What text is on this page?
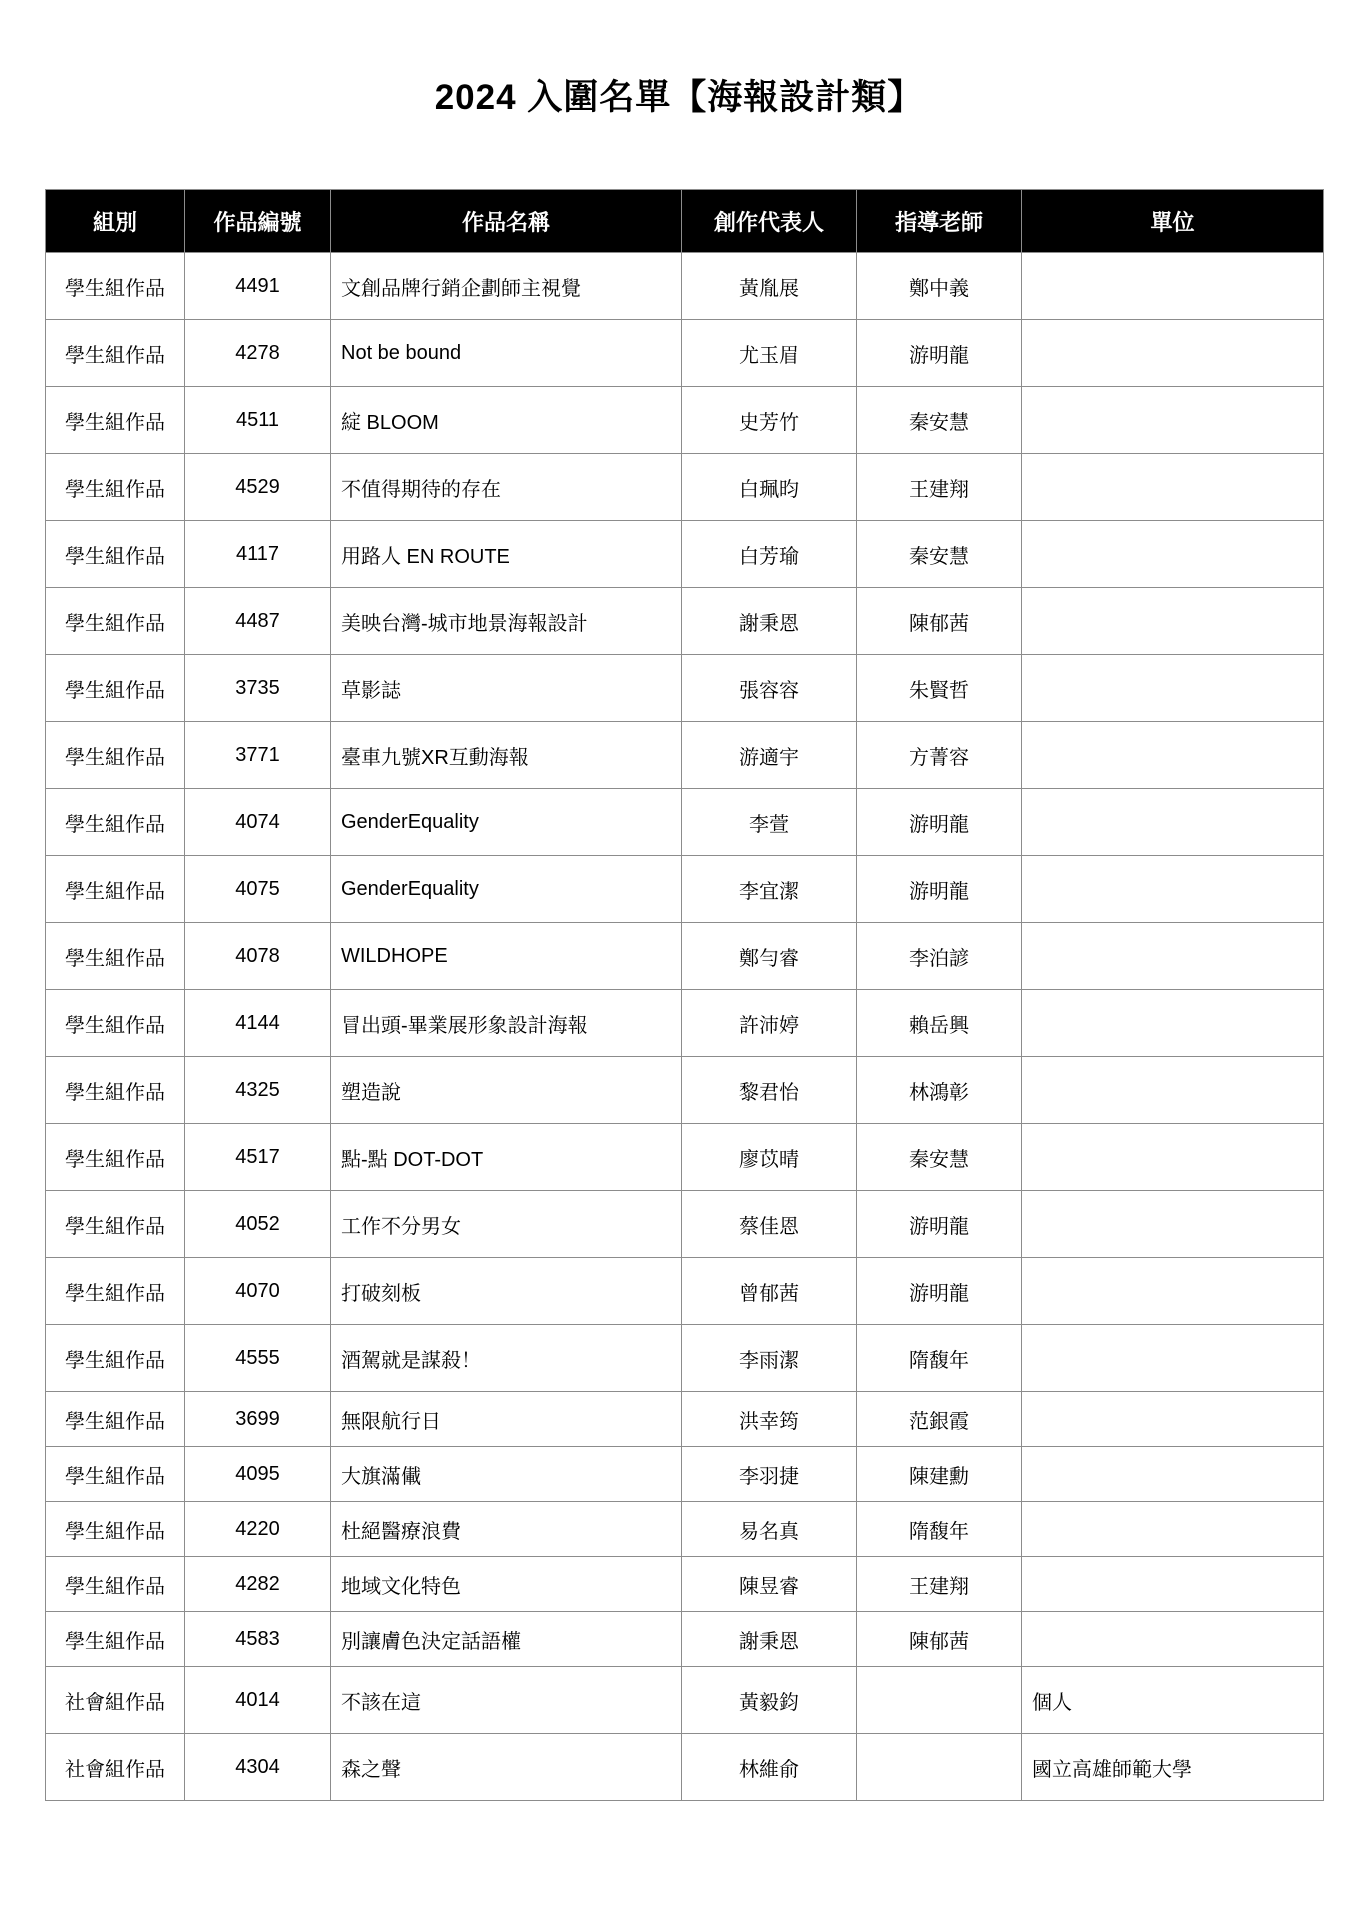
2024 入圍名單【海報設計類】
組別	作品編號	作品名稱	創作代表人	指導老師	單位
學生組作品	4491	文創品牌行銷企劃師主視覺	黃胤展	鄭中義	
學生組作品	4278	Not be bound	尤玉眉	游明龍	
學生組作品	4511	綻 BLOOM	史芳竹	秦安慧	
學生組作品	4529	不值得期待的存在	白珮昀	王建翔	
學生組作品	4117	用路人 EN ROUTE	白芳瑜	秦安慧	
學生組作品	4487	美映台灣-城市地景海報設計	謝秉恩	陳郁茜	
學生組作品	3735	草影誌	張容容	朱賢哲	
學生組作品	3771	臺車九號XR互動海報	游適宇	方菁容	
學生組作品	4074	GenderEquality	李萱	游明龍	
學生組作品	4075	GenderEquality	李宜潔	游明龍	
學生組作品	4078	WILDHOPE	鄭勻睿	李泊諺	
學生組作品	4144	冒出頭-畢業展形象設計海報	許沛婷	賴岳興	
學生組作品	4325	塑造說	黎君怡	林鴻彰	
學生組作品	4517	點-點 DOT-DOT	廖苡晴	秦安慧	
學生組作品	4052	工作不分男女	蔡佳恩	游明龍	
學生組作品	4070	打破刻板	曾郁茜	游明龍	
學生組作品	4555	酒駕就是謀殺！	李雨潔	隋馥年	
學生組作品	3699	無限航行日	洪幸筠	范銀霞	
學生組作品	4095	大旗滿儎	李羽捷	陳建勳	
學生組作品	4220	杜絕醫療浪費	易名真	隋馥年	
學生組作品	4282	地域文化特色	陳昱睿	王建翔	
學生組作品	4583	別讓膚色決定話語權	謝秉恩	陳郁茜	
社會組作品	4014	不該在這	黃毅鈞		個人
社會組作品	4304	森之聲	林維俞		國立高雄師範大學
